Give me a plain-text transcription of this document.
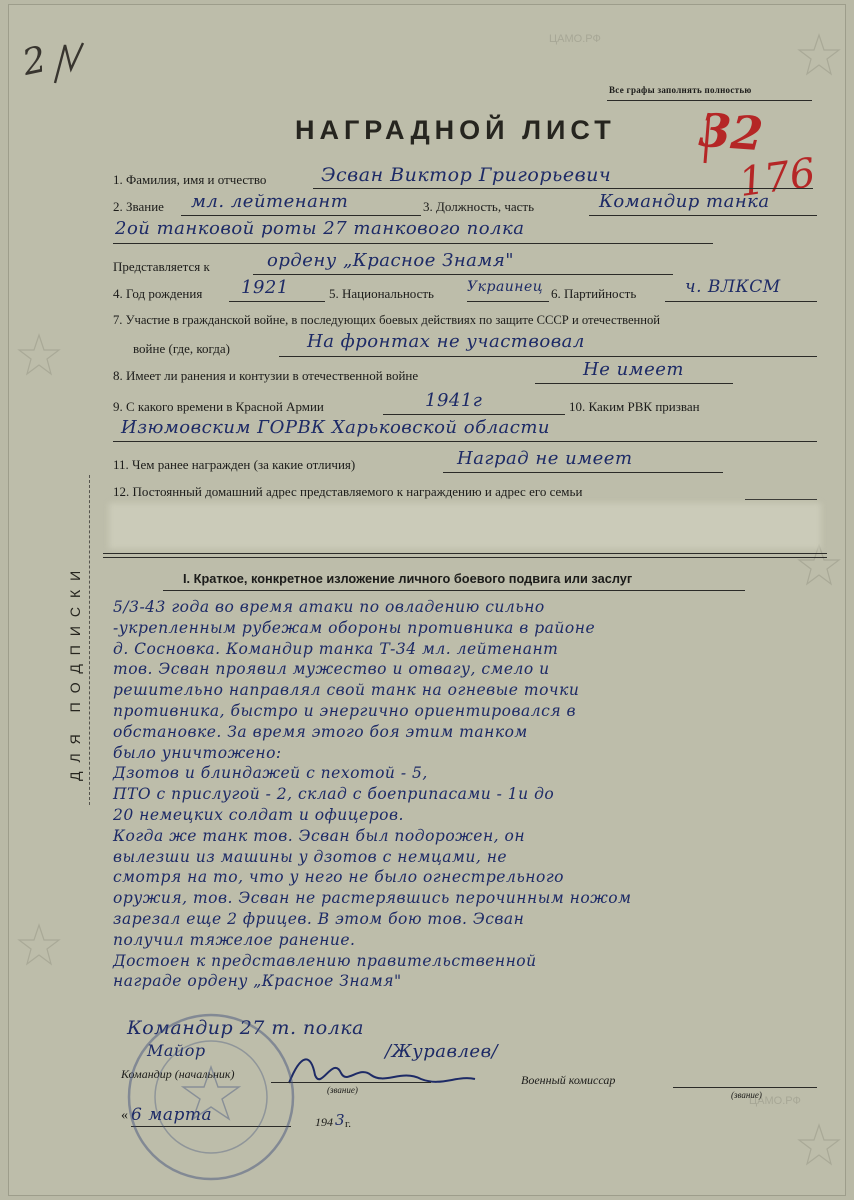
ЦАМО.РФ
ЦАМО.РФ
2
Все графы заполнять полностью
32
176
НАГРАДНОЙ ЛИСТ
1. Фамилия, имя и отчество	Эсван Виктор Григорьевич
2. Звание мл. лейтенант	3. Должность, часть	Командир танка
2ой танковой роты 27 танкового полка
Представляется к	ордену „Красное Знамя"
4. Год рождения 1921	5. Национальность Украинец 6. Партийность	ч. ВЛКСМ
7. Участие в гражданской войне, в последующих боевых действиях по защите СССР и отечественной
войне (где, когда)	На фронтах не участвовал
8. Имеет ли ранения и контузии в отечественной войне	Не имеет
9. С какого времени в Красной Армии	1941г	10. Каким РВК призван
Изюмовским ГОРВК Харьковской области
11. Чем ранее награжден (за какие отличия)	Наград не имеет
12. Постоянный домашний адрес представляемого к награждению и адрес его семьи
I. Краткое, конкретное изложение личного боевого подвига или заслуг
ДЛЯ ПОДПИСКИ 5/3-43 года во время атаки по овладению сильно
-укрепленным рубежам обороны противника в районе
д. Сосновка. Командир танка Т-34 мл. лейтенант
тов. Эсван проявил мужество и отвагу, смело и
решительно направлял свой танк на огневые точки
противника, быстро и энергично ориентировался в
обстановке. За время этого боя этим танком
было уничтожено:
Дзотов и блиндажей с пехотой - 5,
ПТО с прислугой - 2, склад с боеприпасами - 1и до
20 немецких солдат и офицеров.
Когда же танк тов. Эсван был подорожен, он
вылезши из машины у дзотов с немцами, не
смотря на то, что у него не было огнестрельного
оружия, тов. Эсван не растерявшись перочинным ножом
зарезал еще 2 фрицев. В этом бою тов. Эсван
получил тяжелое ранение.
Достоен к представлению правительственной
награде ордену „Красное Знамя"
Командир 27 т. полка
Майор	/Журавлев/
Командир (начальник)
(звание)
Военный комиссар
(звание)
« 6 марта	194 3 г.
